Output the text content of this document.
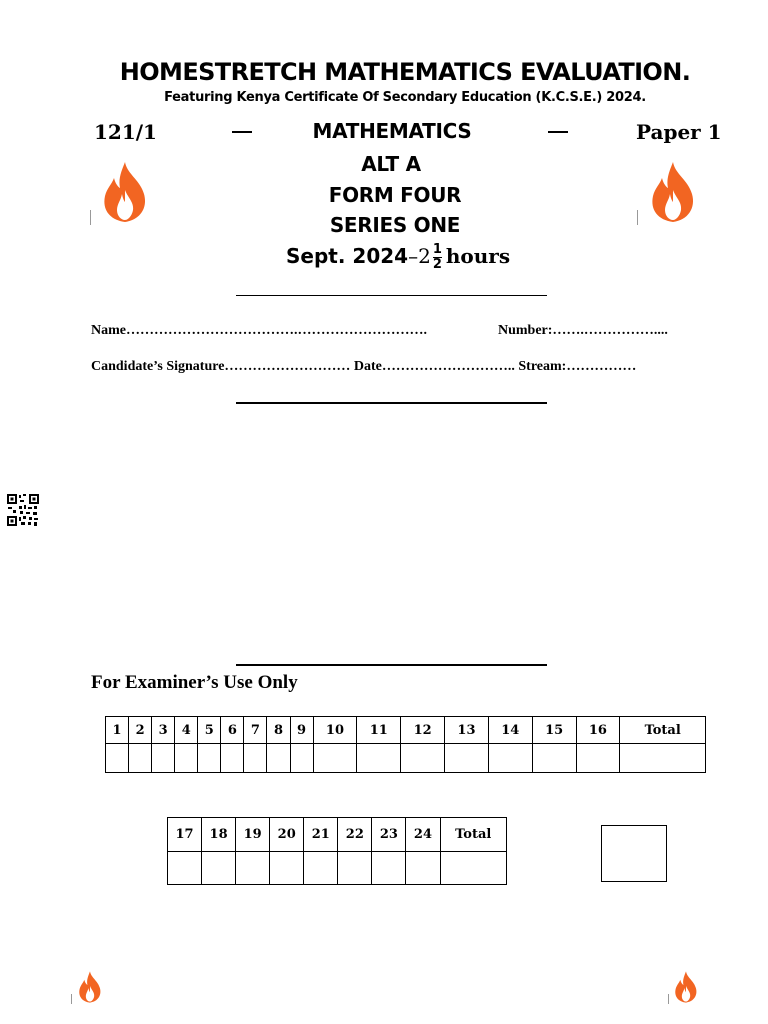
HOMESTRETCH MATHEMATICS EVALUATION.
Featuring Kenya Certificate Of Secondary Education (K.C.S.E.) 2024.
121/1	MATHEMATICS	Paper 1
ALT A
FORM FOUR
SERIES ONE
Sept. $2024-2 \frac{1}{2}$ hours
Name……………………………….……………………….	Number:…….……………....
Candidate’s Signature……………………… Date……………………….. Stream:……………
For Examiner’s Use Only
1	2	3	4	5	6	7	8	9	10	11	12	13	14	15	16	Total

17	18	19	20	21	22	23	24	Total
